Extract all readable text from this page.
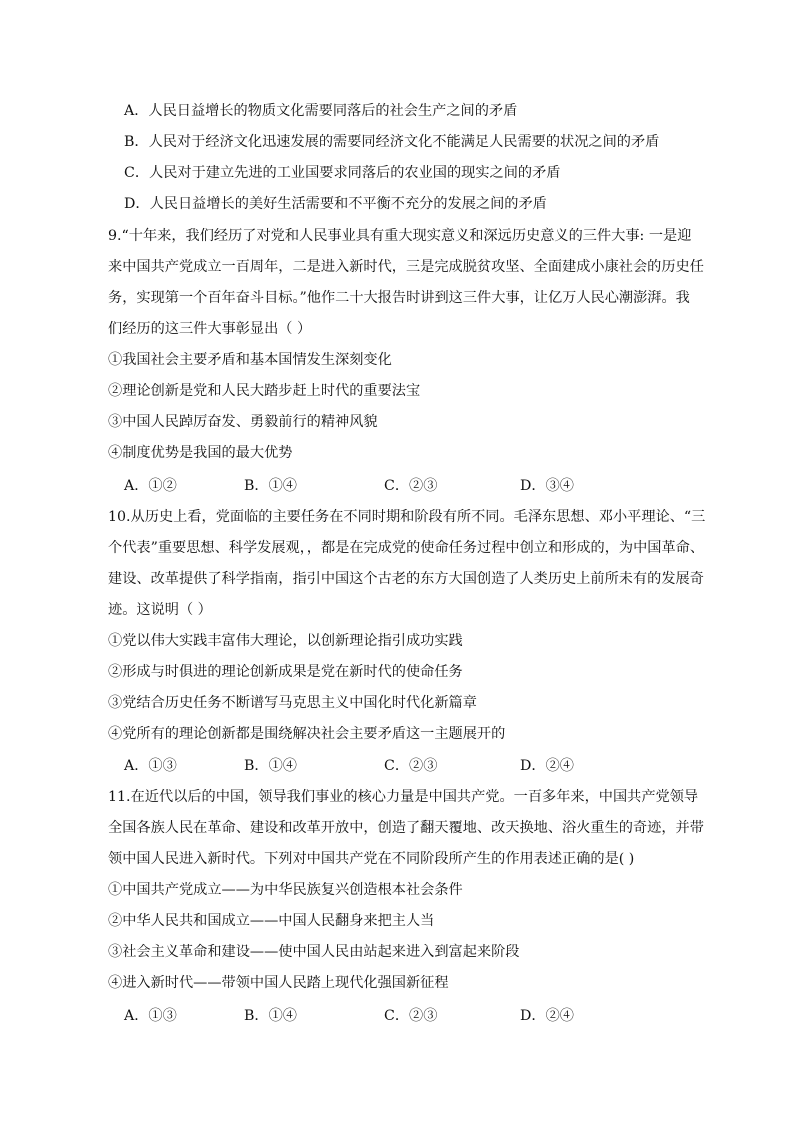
A．人民日益增长的物质文化需要同落后的社会生产之间的矛盾
B．人民对于经济文化迅速发展的需要同经济文化不能满足人民需要的状况之间的矛盾
C．人民对于建立先进的工业国要求同落后的农业国的现实之间的矛盾
D．人民日益增长的美好生活需要和不平衡不充分的发展之间的矛盾
9.“十年来，我们经历了对党和人民事业具有重大现实意义和深远历史意义的三件大事: 一是迎
来中国共产党成立一百周年，二是进入新时代，三是完成脱贫攻坚、全面建成小康社会的历史任
务，实现第一个百年奋斗目标。”他作二十大报告时讲到这三件大事，让亿万人民心潮澎湃。我
们经历的这三件大事彰显出（ ）
①我国社会主要矛盾和基本国情发生深刻变化
②理论创新是党和人民大踏步赶上时代的重要法宝
③中国人民踔厉奋发、勇毅前行的精神风貌
④制度优势是我国的最大优势
A．①②	B．①④	C．②③	D．③④
10.从历史上看，党面临的主要任务在不同时期和阶段有所不同。毛泽东思想、邓小平理论、“三
个代表”重要思想、科学发展观，，都是在完成党的使命任务过程中创立和形成的，为中国革命、
建设、改革提供了科学指南，指引中国这个古老的东方大国创造了人类历史上前所未有的发展奇
迹。这说明（ ）
①党以伟大实践丰富伟大理论，以创新理论指引成功实践
②形成与时俱进的理论创新成果是党在新时代的使命任务
③党结合历史任务不断谱写马克思主义中国化时代化新篇章
④党所有的理论创新都是围绕解决社会主要矛盾这一主题展开的
A．①③	B．①④	C．②③	D．②④
11.在近代以后的中国，领导我们事业的核心力量是中国共产党。一百多年来，中国共产党领导
全国各族人民在革命、建设和改革开放中，创造了翻天覆地、改天换地、浴火重生的奇迹，并带
领中国人民进入新时代。下列对中国共产党在不同阶段所产生的作用表述正确的是( )
①中国共产党成立——为中华民族复兴创造根本社会条件
②中华人民共和国成立——中国人民翻身来把主人当
③社会主义革命和建设——使中国人民由站起来进入到富起来阶段
④进入新时代——带领中国人民踏上现代化强国新征程
A．①③	B．①④	C．②③	D．②④
